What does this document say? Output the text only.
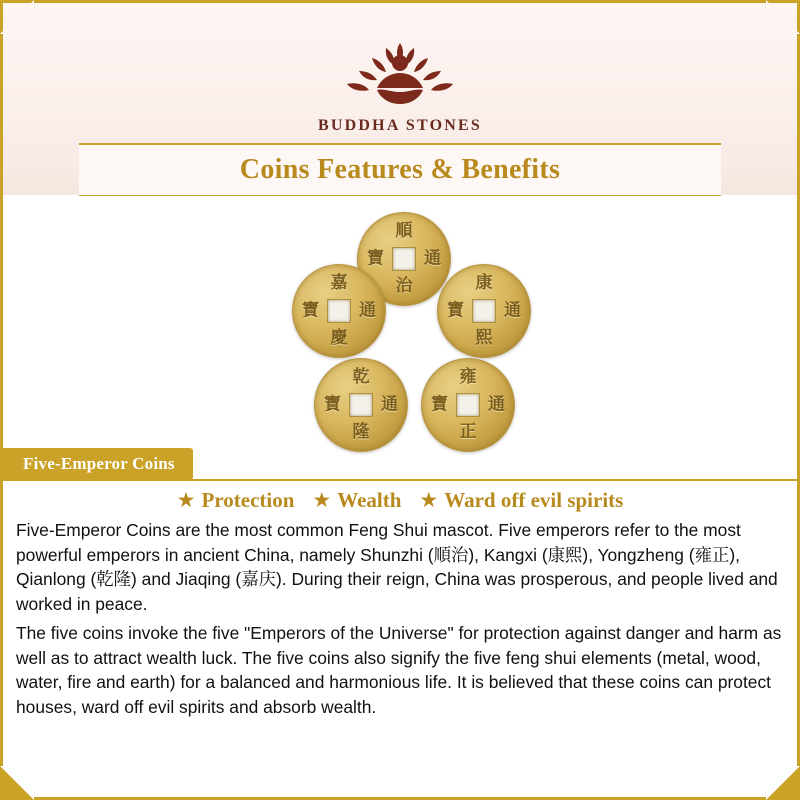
BUDDHA STONES
Coins Features & Benefits
順
通
治
寶
康
通
熙
寶
雍
通
正
寶
乾
通
隆
寶
嘉
通
慶
寶
Five-Emperor Coins
★ Protection ★ Wealth ★ Ward off evil spirits

Five-Emperor Coins are the most common Feng Shui mascot. Five emperors refer to the most powerful emperors in ancient China, namely Shunzhi (順治), Kangxi (康熙), Yongzheng (雍正), Qianlong (乾隆) and Jiaqing (嘉庆). During their reign, China was prosperous, and people lived and worked in peace.

The five coins invoke the five "Emperors of the Universe" for protection against danger and harm as well as to attract wealth luck. The five coins also signify the five feng shui elements (metal, wood, water, fire and earth) for a balanced and harmonious life. It is believed that these coins can protect houses, ward off evil spirits and absorb wealth.
